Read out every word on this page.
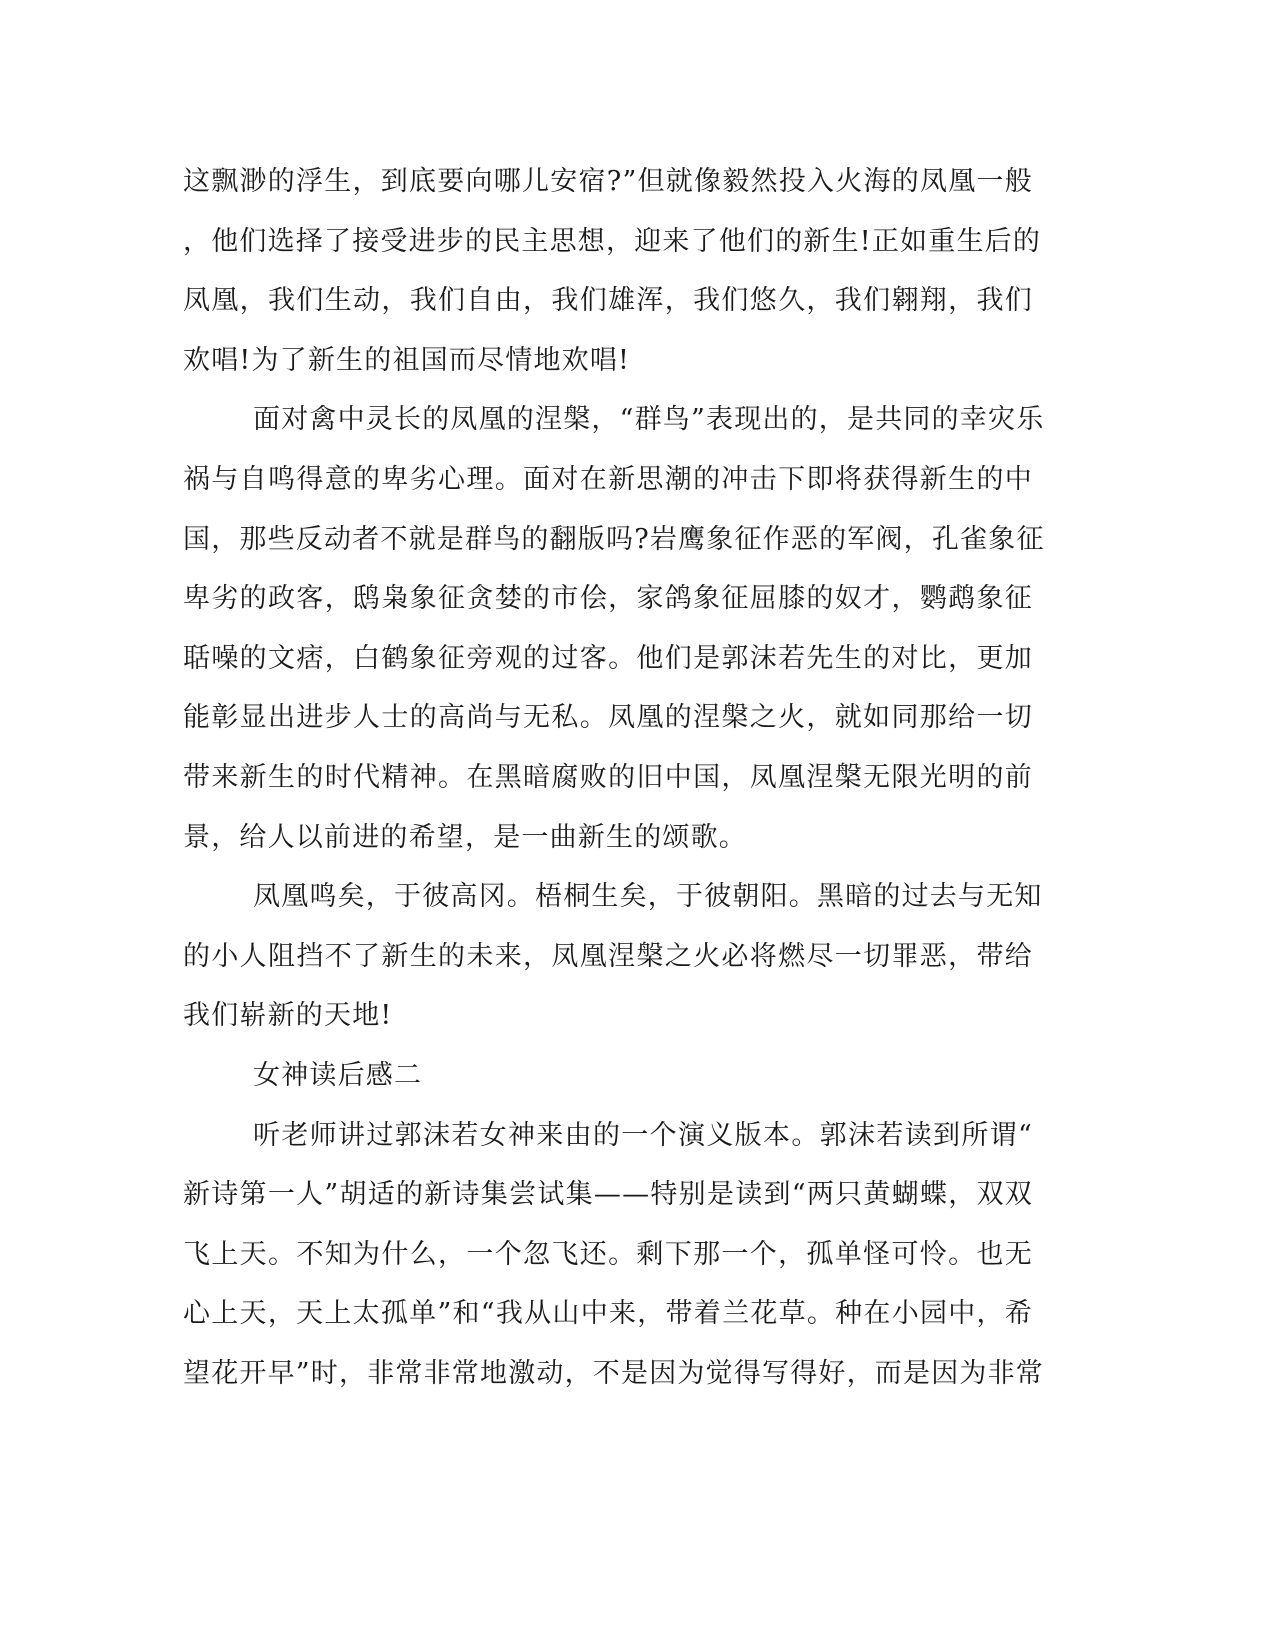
这飘渺的浮生，到底要向哪儿安宿?”但就像毅然投入火海的凤凰一般
，他们选择了接受进步的民主思想，迎来了他们的新生!正如重生后的
凤凰，我们生动，我们自由，我们雄浑，我们悠久，我们翱翔，我们
欢唱!为了新生的祖国而尽情地欢唱!
面对禽中灵长的凤凰的涅槃，“群鸟”表现出的，是共同的幸灾乐
祸与自鸣得意的卑劣心理。面对在新思潮的冲击下即将获得新生的中
国，那些反动者不就是群鸟的翻版吗?岩鹰象征作恶的军阀，孔雀象征
卑劣的政客，鸱枭象征贪婪的市侩，家鸽象征屈膝的奴才，鹦鹉象征
聒噪的文痞，白鹤象征旁观的过客。他们是郭沫若先生的对比，更加
能彰显出进步人士的高尚与无私。凤凰的涅槃之火，就如同那给一切
带来新生的时代精神。在黑暗腐败的旧中国，凤凰涅槃无限光明的前
景，给人以前进的希望，是一曲新生的颂歌。
凤凰鸣矣，于彼高冈。梧桐生矣，于彼朝阳。黑暗的过去与无知
的小人阻挡不了新生的未来，凤凰涅槃之火必将燃尽一切罪恶，带给
我们崭新的天地!
女神读后感二
听老师讲过郭沫若女神来由的一个演义版本。郭沫若读到所谓“
新诗第一人”胡适的新诗集尝试集——特别是读到“两只黄蝴蝶，双双
飞上天。不知为什么，一个忽飞还。剩下那一个，孤单怪可怜。也无
心上天，天上太孤单”和“我从山中来，带着兰花草。种在小园中，希
望花开早”时，非常非常地激动，不是因为觉得写得好，而是因为非常
